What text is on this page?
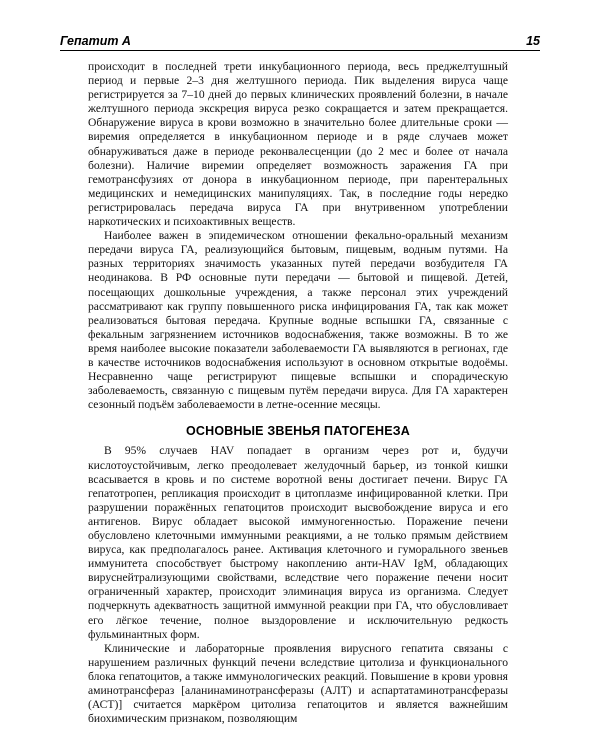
Гепатит А	15

происходит в последней трети инкубационного периода, весь преджелтушный период и первые 2–3 дня желтушного периода. Пик выделения вируса чаще регистрируется за 7–10 дней до первых клинических проявлений болезни, в начале желтушного периода экскреция вируса резко сокращается и затем прекращается. Обнаружение вируса в крови возможно в значительно более длительные сроки — виремия определяется в инкубационном периоде и в ряде случаев может обнаруживаться даже в периоде реконвалесценции (до 2 мес и более от начала болезни). Наличие виремии определяет возможность заражения ГА при гемотрансфузиях от донора в инкубационном периоде, при парентеральных медицинских и немедицинских манипуляциях. Так, в последние годы нередко регистрировалась передача вируса ГА при внутривенном употреблении наркотических и психоактивных веществ.

Наиболее важен в эпидемическом отношении фекально-оральный механизм передачи вируса ГА, реализующийся бытовым, пищевым, водным путями. На разных территориях значимость указанных путей передачи возбудителя ГА неодинакова. В РФ основные пути передачи — бытовой и пищевой. Детей, посещающих дошкольные учреждения, а также персонал этих учреждений рассматривают как группу повышенного риска инфицирования ГА, так как может реализоваться бытовая передача. Крупные водные вспышки ГА, связанные с фекальным загрязнением источников водоснабжения, также возможны. В то же время наиболее высокие показатели заболеваемости ГА выявляются в регионах, где в качестве источников водоснабжения используют в основном открытые водоёмы. Несравненно чаще регистрируют пищевые вспышки и спорадическую заболеваемость, связанную с пищевым путём передачи вируса. Для ГА характерен сезонный подъём заболеваемости в летне-осенние месяцы.

ОСНОВНЫЕ ЗВЕНЬЯ ПАТОГЕНЕЗА

В 95% случаев HAV попадает в организм через рот и, будучи кислотоустойчивым, легко преодолевает желудочный барьер, из тонкой кишки всасывается в кровь и по системе воротной вены достигает печени. Вирус ГА гепатотропен, репликация происходит в цитоплазме инфицированной клетки. При разрушении поражённых гепатоцитов происходит высвобождение вируса и его антигенов. Вирус обладает высокой иммуногенностью. Поражение печени обусловлено клеточными иммунными реакциями, а не только прямым действием вируса, как предполагалось ранее. Активация клеточного и гуморального звеньев иммунитета способствует быстрому накоплению анти-HAV IgM, обладающих вируснейтрализующими свойствами, вследствие чего поражение печени носит ограниченный характер, происходит элиминация вируса из организма. Следует подчеркнуть адекватность защитной иммунной реакции при ГА, что обусловливает его лёгкое течение, полное выздоровление и исключительную редкость фульминантных форм.

Клинические и лабораторные проявления вирусного гепатита связаны с нарушением различных функций печени вследствие цитолиза и функционального блока гепатоцитов, а также иммунологических реакций. Повышение в крови уровня аминотрансфераз [аланинаминотрансферазы (АЛТ) и аспартатаминотрансферазы (АСТ)] считается маркёром цитолиза гепатоцитов и является важнейшим биохимическим признаком, позволяющим
